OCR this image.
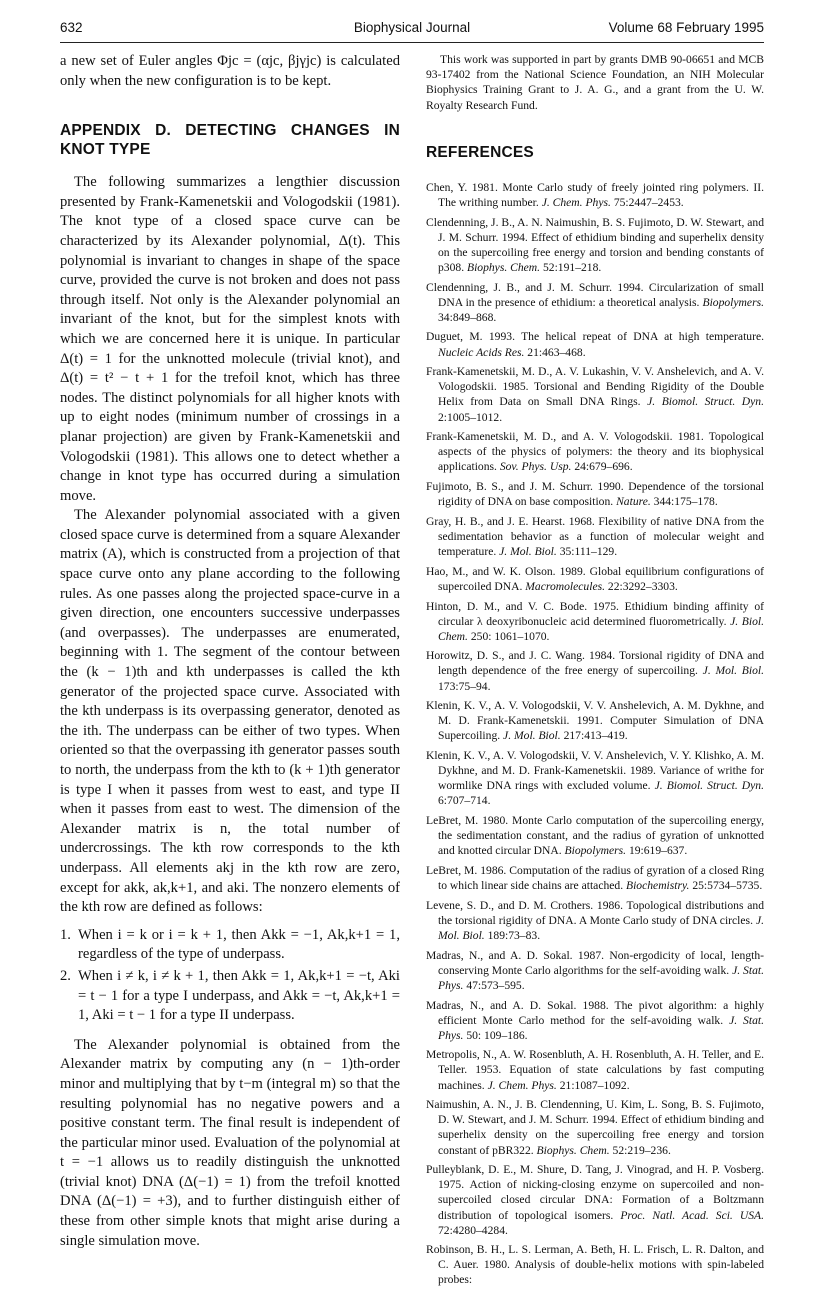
632	Biophysical Journal	Volume 68 February 1995

a new set of Euler angles Φjc = (αjc, βjγjc) is calculated only when the new configuration is to be kept.

APPENDIX D. DETECTING CHANGES IN KNOT TYPE

The following summarizes a lengthier discussion presented by Frank-Kamenetskii and Vologodskii (1981). The knot type of a closed space curve can be characterized by its Alexander polynomial, Δ(t). This polynomial is invariant to changes in shape of the space curve, provided the curve is not broken and does not pass through itself. Not only is the Alexander polynomial an invariant of the knot, but for the simplest knots with which we are concerned here it is unique. In particular Δ(t) = 1 for the unknotted molecule (trivial knot), and Δ(t) = t² − t + 1 for the trefoil knot, which has three nodes. The distinct polynomials for all higher knots with up to eight nodes (minimum number of crossings in a planar projection) are given by Frank-Kamenetskii and Vologodskii (1981). This allows one to detect whether a change in knot type has occurred during a simulation move.

The Alexander polynomial associated with a given closed space curve is determined from a square Alexander matrix (A), which is constructed from a projection of that space curve onto any plane according to the following rules. As one passes along the projected space-curve in a given direction, one encounters successive underpasses (and overpasses). The underpasses are enumerated, beginning with 1. The segment of the contour between the (k − 1)th and kth underpasses is called the kth generator of the projected space curve. Associated with the kth underpass is its overpassing generator, denoted as the ith. The underpass can be either of two types. When oriented so that the overpassing ith generator passes south to north, the underpass from the kth to (k + 1)th generator is type I when it passes from west to east, and type II when it passes from east to west. The dimension of the Alexander matrix is n, the total number of undercrossings. The kth row corresponds to the kth underpass. All elements akj in the kth row are zero, except for akk, ak,k+1, and aki. The nonzero elements of the kth row are defined as follows:

1. When i = k or i = k + 1, then Akk = −1, Ak,k+1 = 1, regardless of the type of underpass.
2. When i ≠ k, i ≠ k + 1, then Akk = 1, Ak,k+1 = −t, Aki = t − 1 for a type I underpass, and Akk = −t, Ak,k+1 = 1, Aki = t − 1 for a type II underpass.

The Alexander polynomial is obtained from the Alexander matrix by computing any (n − 1)th-order minor and multiplying that by t−m (integral m) so that the resulting polynomial has no negative powers and a positive constant term. The final result is independent of the particular minor used. Evaluation of the polynomial at t = −1 allows us to readily distinguish the unknotted (trivial knot) DNA (Δ(−1) = 1) from the trefoil knotted DNA (Δ(−1) = +3), and to further distinguish either of these from other simple knots that might arise during a single simulation move.

This work was supported in part by grants DMB 90-06651 and MCB 93-17402 from the National Science Foundation, an NIH Molecular Biophysics Training Grant to J. A. G., and a grant from the U. W. Royalty Research Fund.

REFERENCES
Chen, Y. 1981. Monte Carlo study of freely jointed ring polymers. II. The writhing number. J. Chem. Phys. 75:2447–2453.
Clendenning, J. B., A. N. Naimushin, B. S. Fujimoto, D. W. Stewart, and J. M. Schurr. 1994. Effect of ethidium binding and superhelix density on the supercoiling free energy and torsion and bending constants of p308. Biophys. Chem. 52:191–218.
Clendenning, J. B., and J. M. Schurr. 1994. Circularization of small DNA in the presence of ethidium: a theoretical analysis. Biopolymers. 34:849–868.
Duguet, M. 1993. The helical repeat of DNA at high temperature. Nucleic Acids Res. 21:463–468.
Frank-Kamenetskii, M. D., A. V. Lukashin, V. V. Anshelevich, and A. V. Vologodskii. 1985. Torsional and Bending Rigidity of the Double Helix from Data on Small DNA Rings. J. Biomol. Struct. Dyn. 2:1005–1012.
Frank-Kamenetskii, M. D., and A. V. Vologodskii. 1981. Topological aspects of the physics of polymers: the theory and its biophysical applications. Sov. Phys. Usp. 24:679–696.
Fujimoto, B. S., and J. M. Schurr. 1990. Dependence of the torsional rigidity of DNA on base composition. Nature. 344:175–178.
Gray, H. B., and J. E. Hearst. 1968. Flexibility of native DNA from the sedimentation behavior as a function of molecular weight and temperature. J. Mol. Biol. 35:111–129.
Hao, M., and W. K. Olson. 1989. Global equilibrium configurations of supercoiled DNA. Macromolecules. 22:3292–3303.
Hinton, D. M., and V. C. Bode. 1975. Ethidium binding affinity of circular λ deoxyribonucleic acid determined fluorometrically. J. Biol. Chem. 250: 1061–1070.
Horowitz, D. S., and J. C. Wang. 1984. Torsional rigidity of DNA and length dependence of the free energy of supercoiling. J. Mol. Biol. 173:75–94.
Klenin, K. V., A. V. Vologodskii, V. V. Anshelevich, A. M. Dykhne, and M. D. Frank-Kamenetskii. 1991. Computer Simulation of DNA Supercoiling. J. Mol. Biol. 217:413–419.
Klenin, K. V., A. V. Vologodskii, V. V. Anshelevich, V. Y. Klishko, A. M. Dykhne, and M. D. Frank-Kamenetskii. 1989. Variance of writhe for wormlike DNA rings with excluded volume. J. Biomol. Struct. Dyn. 6:707–714.
LeBret, M. 1980. Monte Carlo computation of the supercoiling energy, the sedimentation constant, and the radius of gyration of unknotted and knotted circular DNA. Biopolymers. 19:619–637.
LeBret, M. 1986. Computation of the radius of gyration of a closed Ring to which linear side chains are attached. Biochemistry. 25:5734–5735.
Levene, S. D., and D. M. Crothers. 1986. Topological distributions and the torsional rigidity of DNA. A Monte Carlo study of DNA circles. J. Mol. Biol. 189:73–83.
Madras, N., and A. D. Sokal. 1987. Non-ergodicity of local, length-conserving Monte Carlo algorithms for the self-avoiding walk. J. Stat. Phys. 47:573–595.
Madras, N., and A. D. Sokal. 1988. The pivot algorithm: a highly efficient Monte Carlo method for the self-avoiding walk. J. Stat. Phys. 50: 109–186.
Metropolis, N., A. W. Rosenbluth, A. H. Rosenbluth, A. H. Teller, and E. Teller. 1953. Equation of state calculations by fast computing machines. J. Chem. Phys. 21:1087–1092.
Naimushin, A. N., J. B. Clendenning, U. Kim, L. Song, B. S. Fujimoto, D. W. Stewart, and J. M. Schurr. 1994. Effect of ethidium binding and superhelix density on the supercoiling free energy and torsion constant of pBR322. Biophys. Chem. 52:219–236.
Pulleyblank, D. E., M. Shure, D. Tang, J. Vinograd, and H. P. Vosberg. 1975. Action of nicking-closing enzyme on supercoiled and non-supercoiled closed circular DNA: Formation of a Boltzmann distribution of topological isomers. Proc. Natl. Acad. Sci. USA. 72:4280–4284.
Robinson, B. H., L. S. Lerman, A. Beth, H. L. Frisch, L. R. Dalton, and C. Auer. 1980. Analysis of double-helix motions with spin-labeled probes:
